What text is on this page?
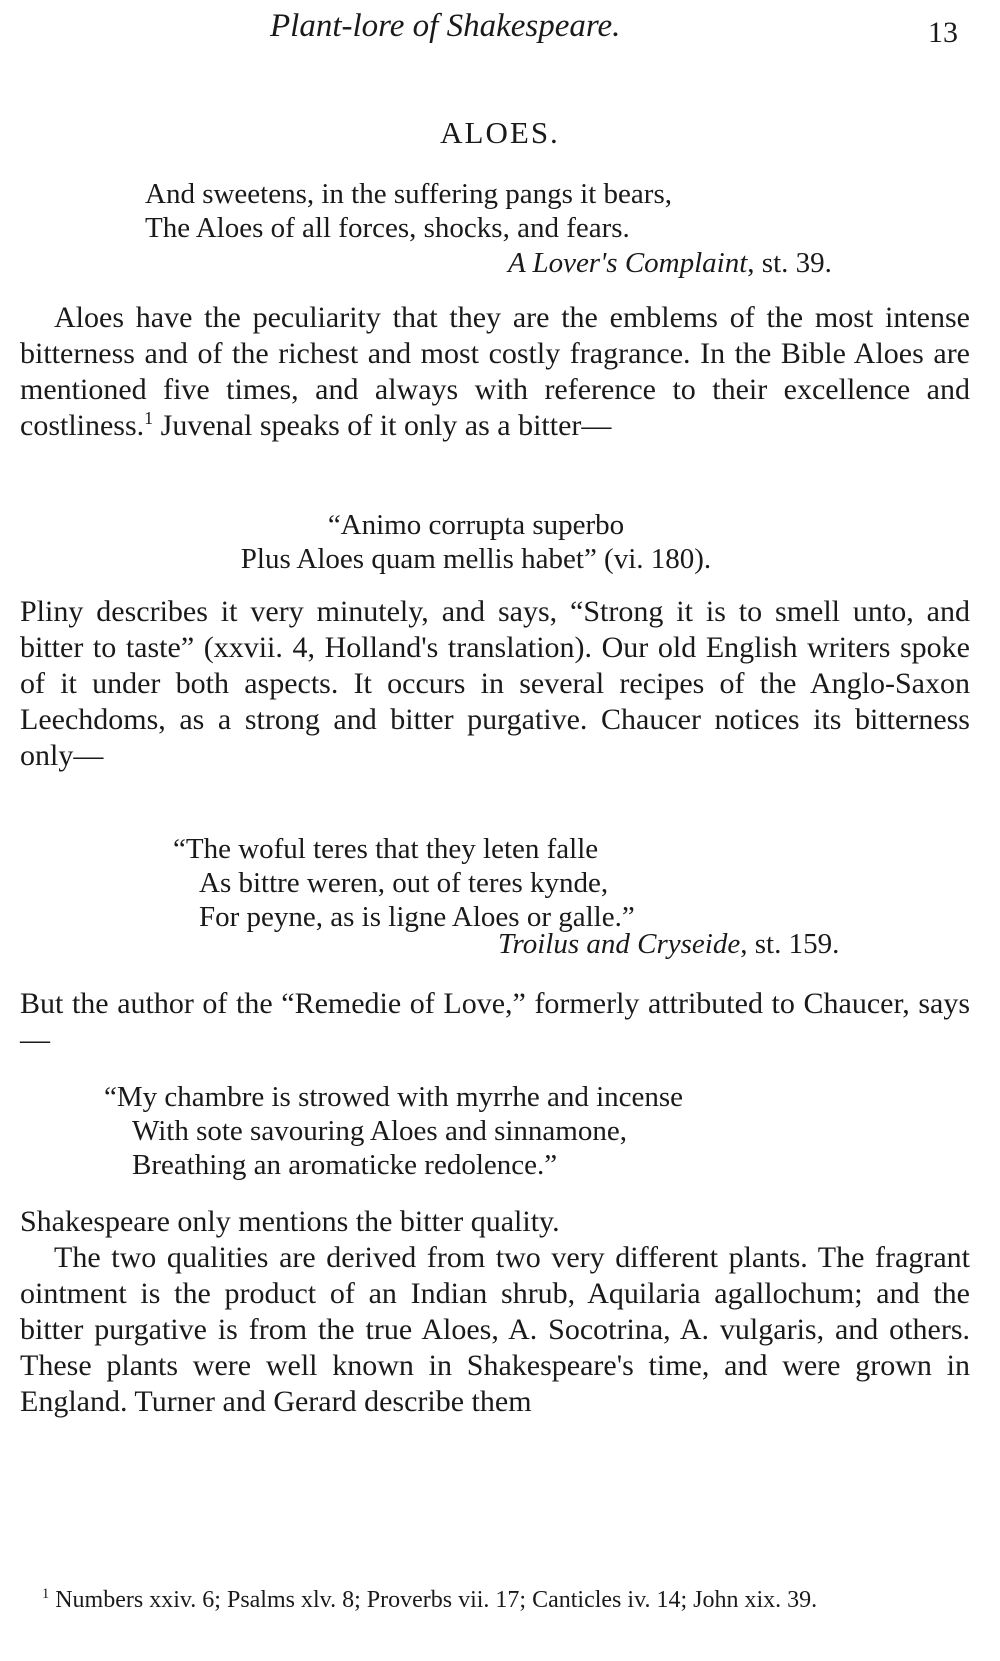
Plant-lore of Shakespeare.	13
ALOES.
And sweetens, in the suffering pangs it bears,
The Aloes of all forces, shocks, and fears.
A Lover's Complaint, st. 39.

Aloes have the peculiarity that they are the emblems of the most intense bitterness and of the richest and most costly fragrance. In the Bible Aloes are mentioned five times, and always with reference to their excellence and costliness.$^1$ Juvenal speaks of it only as a bitter—

“Animo corrupta superbo
Plus Aloes quam mellis habet” (vi. 180).

Pliny describes it very minutely, and says, “Strong it is to smell unto, and bitter to taste” (xxvii. 4, Holland's translation). Our old English writers spoke of it under both aspects. It occurs in several recipes of the Anglo-Saxon Leechdoms, as a strong and bitter purgative. Chaucer notices its bitterness only—

“The woful teres that they leten falle
As bittre weren, out of teres kynde,
For peyne, as is ligne Aloes or galle.”
Troilus and Cryseide, st. 159.

But the author of the “Remedie of Love,” formerly attributed to Chaucer, says—

“My chambre is strowed with myrrhe and incense
With sote savouring Aloes and sinnamone,
Breathing an aromaticke redolence.”

Shakespeare only mentions the bitter quality.

The two qualities are derived from two very different plants. The fragrant ointment is the product of an Indian shrub, Aquilaria agallochum; and the bitter purgative is from the true Aloes, A. Socotrina, A. vulgaris, and others. These plants were well known in Shakespeare's time, and were grown in England. Turner and Gerard describe them

$^1$ Numbers xxiv. 6; Psalms xlv. 8; Proverbs vii. 17; Canticles iv. 14; John xix. 39.
